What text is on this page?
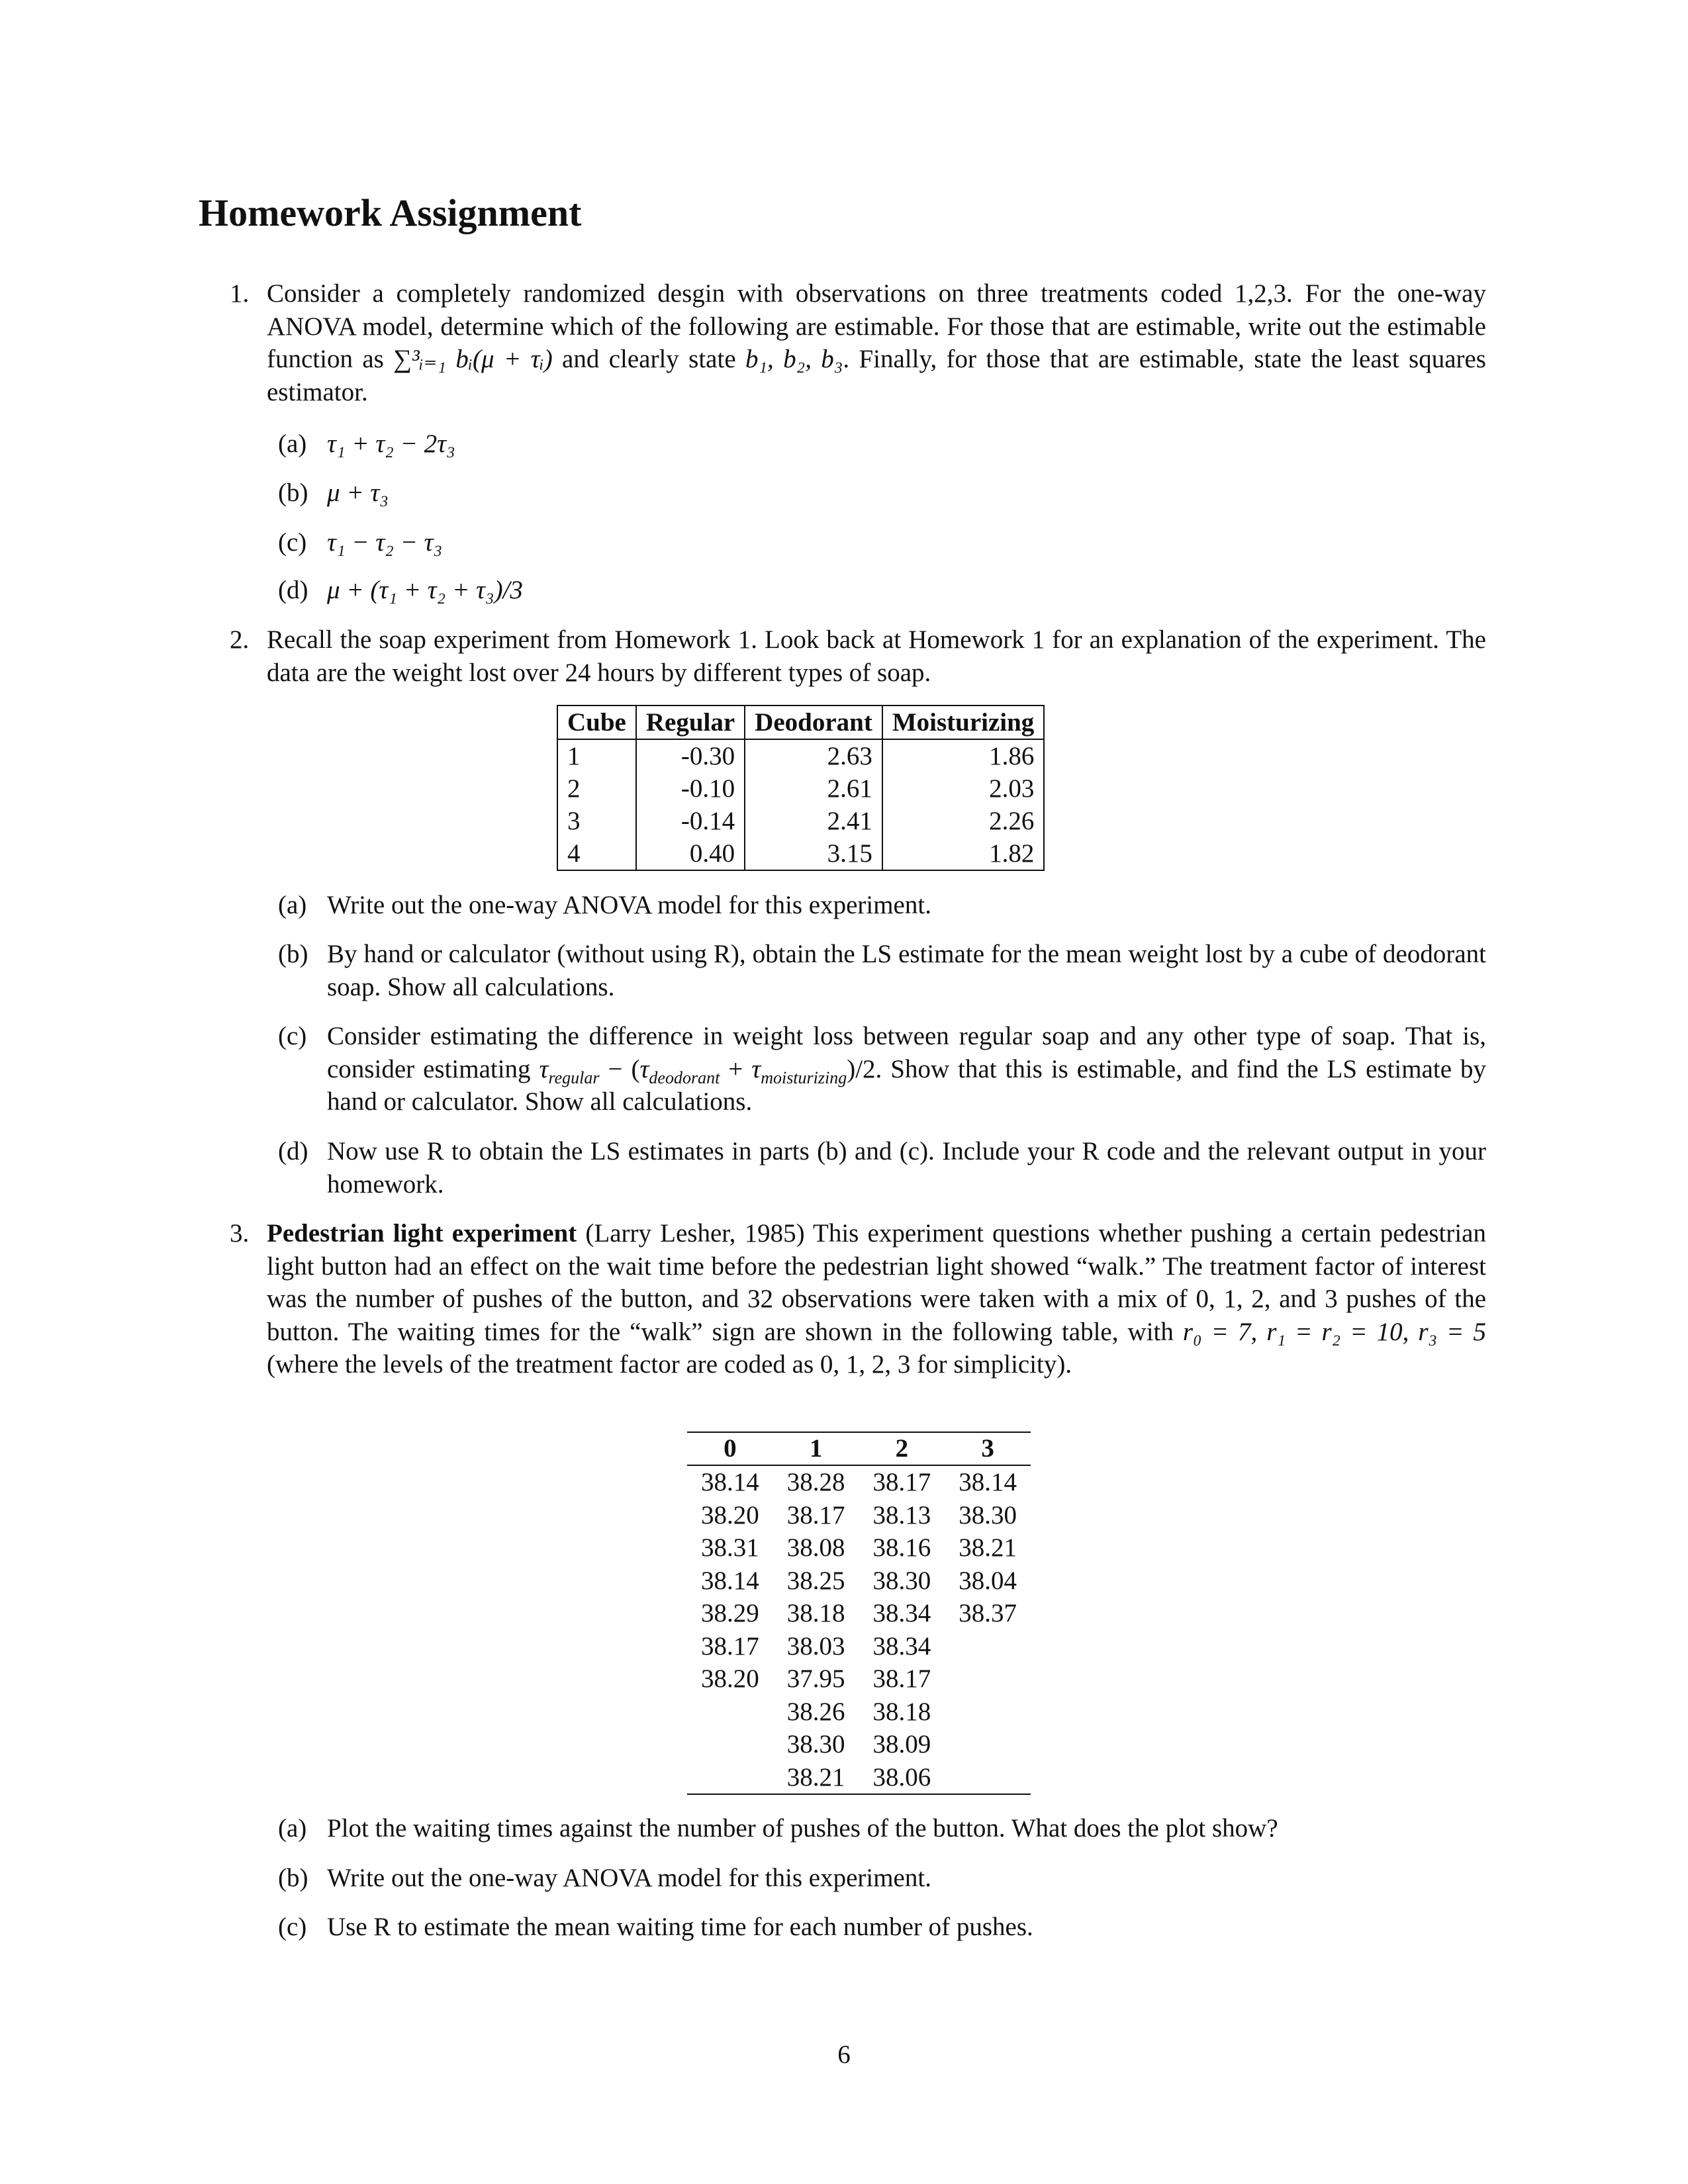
Homework Assignment
1. Consider a completely randomized desgin with observations on three treatments coded 1,2,3. For the one-way ANOVA model, determine which of the following are estimable. For those that are estimable, write out the estimable function as ∑³ᵢ₌₁ bᵢ(μ + τᵢ) and clearly state b₁, b₂, b₃. Finally, for those that are estimable, state the least squares estimator.
(a) τ₁ + τ₂ − 2τ₃
(b) μ + τ₃
(c) τ₁ − τ₂ − τ₃
(d) μ + (τ₁ + τ₂ + τ₃)/3
2. Recall the soap experiment from Homework 1. Look back at Homework 1 for an explanation of the experiment. The data are the weight lost over 24 hours by different types of soap.
Cube	Regular	Deodorant	Moisturizing
1	-0.30	2.63	1.86
2	-0.10	2.61	2.03
3	-0.14	2.41	2.26
4	0.40	3.15	1.82
(a) Write out the one-way ANOVA model for this experiment.
(b) By hand or calculator (without using R), obtain the LS estimate for the mean weight lost by a cube of deodorant soap. Show all calculations.
(c) Consider estimating the difference in weight loss between regular soap and any other type of soap. That is, consider estimating $\tau_{regular} - (\tau_{deodorant} + \tau_{moisturizing})/2$. Show that this is estimable, and find the LS estimate by hand or calculator. Show all calculations.
(d) Now use R to obtain the LS estimates in parts (b) and (c). Include your R code and the relevant output in your homework.
3. Pedestrian light experiment (Larry Lesher, 1985) This experiment questions whether pushing a certain pedestrian light button had an effect on the wait time before the pedestrian light showed “walk.” The treatment factor of interest was the number of pushes of the button, and 32 observations were taken with a mix of 0, 1, 2, and 3 pushes of the button. The waiting times for the “walk” sign are shown in the following table, with r₀ = 7, r₁ = r₂ = 10, r₃ = 5 (where the levels of the treatment factor are coded as 0, 1, 2, 3 for simplicity).
0	1	2	3
38.14	38.28	38.17	38.14
38.20	38.17	38.13	38.30
38.31	38.08	38.16	38.21
38.14	38.25	38.30	38.04
38.29	38.18	38.34	38.37
38.17	38.03	38.34	
38.20	37.95	38.17	
	38.26	38.18	
	38.30	38.09	
	38.21	38.06	
(a) Plot the waiting times against the number of pushes of the button. What does the plot show?
(b) Write out the one-way ANOVA model for this experiment.
(c) Use R to estimate the mean waiting time for each number of pushes.
6
